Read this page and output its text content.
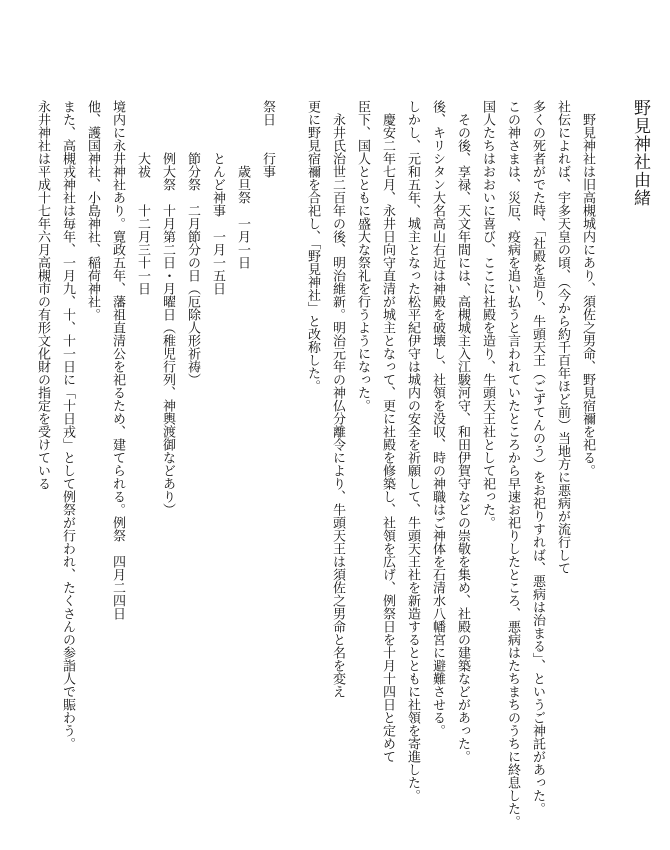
野見神社由緒
　野見神社は旧高槻城内にあり、須佐之男命、野見宿禰を祀る。
社伝によれば、宇多天皇の頃、（今から約千百年ほど前）当地方に悪病が流行して
多くの死者がでた時、「社殿を造り、牛頭天王（ごずてんのう）をお祀りすれば、悪病は治まる」、というご神託があった。
この神さまは、災厄、疫病を追い払うと言われていたところから早速お祀りしたところ、悪病はたちまちのうちに終息した。
国人たちはおおいに喜び、ここに社殿を造り、牛頭天王社として祀った。
　その後、享禄、天文年間には、高槻城主入江駿河守、和田伊賀守などの崇敬を集め、社殿の建築などがあった。
後、キリシタン大名高山右近は神殿を破壊し、社領を没収、時の神職はご神体を石清水八幡宮に避難させる。
しかし、元和五年、城主となった松平紀伊守は城内の安全を祈願して、牛頭天王社を新造するとともに社領を寄進した。
　慶安二年七月、永井日向守直清が城主となって、更に社殿を修築し、社領を広げ、例祭日を十月十四日と定めて
臣下、国人とともに盛大な祭礼を行うようになった。
　永井氏治世二百年の後、明治維新。明治元年の神仏分離令により、牛頭天王は須佐之男命と名を変え
更に野見宿禰を合祀し、「野見神社」と改称した。
祭日　　行事
　　　　　歳旦祭　一月一日
　　　　とんど神事　一月一五日
　　　　節分祭　二月節分の日（厄除人形祈祷）
　　　　例大祭　十月第二日・月曜日（稚児行列、神輿渡御などあり）
　　　　大祓　　十二月三十一日
境内に永井神社あり。寛政五年、藩祖直清公を祀るため、建てられる。例祭　四月二四日
他、護国神社、小島神社、稲荷神社。
また、高槻戎神社は毎年、一月九、十、十一日に「十日戎」として例祭が行われ、たくさんの参詣人で賑わう。
永井神社は平成十七年六月高槻市の有形文化財の指定を受けている
